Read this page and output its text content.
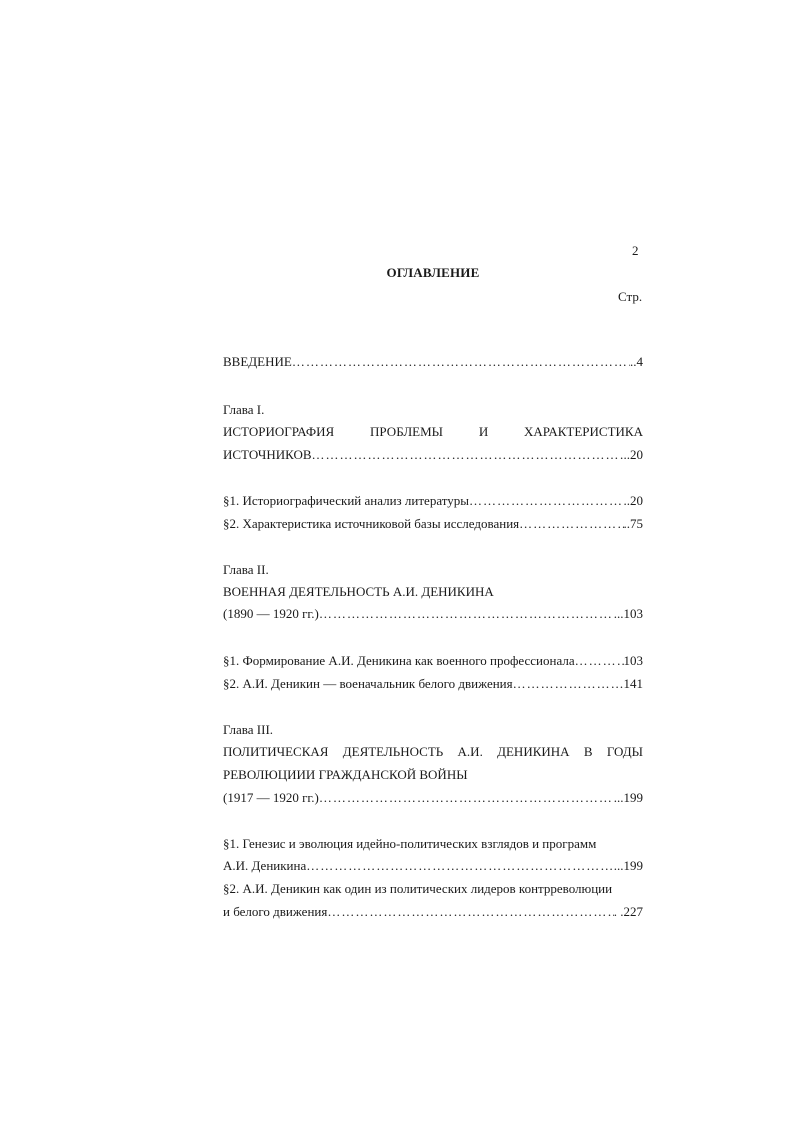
2
ОГЛАВЛЕНИЕ
Стр.
ВВЕДЕНИЕ ……………………………………………………………………………………………………………………………………	..4
Глава I.
ИСТОРИОГРАФИЯ	ПРОБЛЕМЫ	И	ХАРАКТЕРИСТИКА
ИСТОЧНИКОВ ……………………………………………………………………………………………………………………………………	..20
§1. Историографический анализ литературы ……………………………………………………………………………………………………………………………………	..20
§2. Характеристика источниковой базы исследования ……………………………………………………………………………………………………………………………………	..75
Глава II.
ВОЕННАЯ ДЕЯТЕЛЬНОСТЬ А.И. ДЕНИКИНА
(1890 — 1920 гг.) ……………………………………………………………………………………………………………………………………	...103
§1. Формирование А.И. Деникина как военного профессионала ……………………………………………………………………………………………………………………………………	103
§2. А.И. Деникин — военачальник белого движения ……………………………………………………………………………………………………………………………………	141
Глава III.
ПОЛИТИЧЕСКАЯ ДЕЯТЕЛЬНОСТЬ А.И. ДЕНИКИНА В ГОДЫ
РЕВОЛЮЦИИИ ГРАЖДАНСКОЙ ВОЙНЫ
(1917 — 1920 гг.) ……………………………………………………………………………………………………………………………………	...199
§1. Генезис и эволюция идейно-политических взглядов и программ
А.И. Деникина ……………………………………………………………………………………………………………………………………	...199
§2. А.И. Деникин как один из политических лидеров контрреволюции
и белого движения ……………………………………………………………………………………………………………………………………	. .227
